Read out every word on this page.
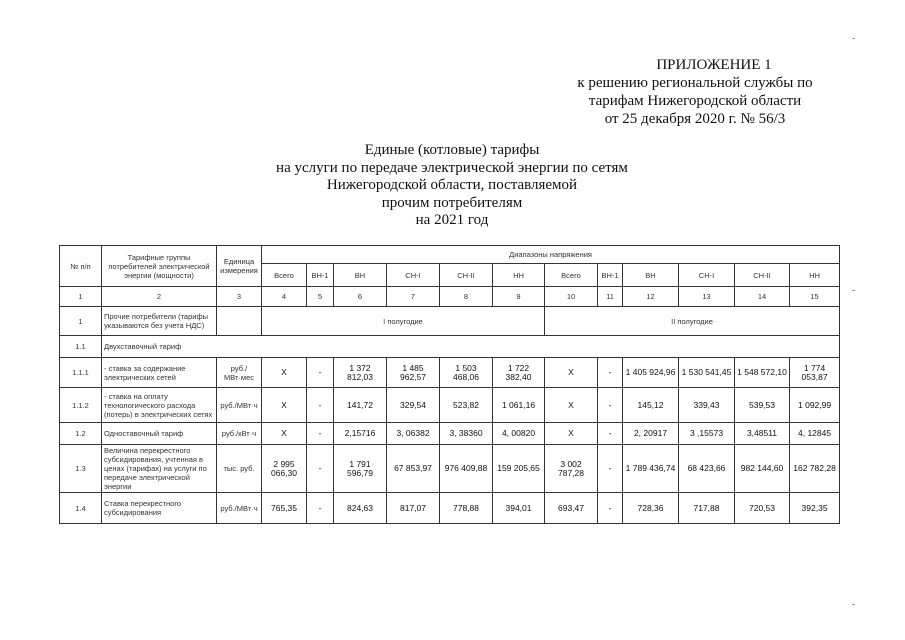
ПРИЛОЖЕНИЕ 1
к решению региональной службы по
тарифам Нижегородской области
от 25 декабря 2020 г. № 56/3
Единые (котловые) тарифы
на услуги по передаче электрической энергии по сетям
Нижегородской области, поставляемой
прочим потребителям
на 2021 год
№ п/п	Тарифные группы потребителей электрической энергии (мощности)	Единица измерения	Диапазоны напряжения											
			Всего	ВН-1	ВН	СН-I	СН-II	НН	Всего	ВН-1	ВН	СН-I	СН-II	НН
1	2	3	4	5	6	7	8	9	10	11	12	13	14	15
1	Прочие потребители (тарифы указываются без учета НДС)		I полугодие						II полугодие					
1.1	Двухставочный тариф													
1.1.1	- ставка за содержание электрических сетей	руб./МВт·мес	X	-	1 372 812,03	1 485 962,57	1 503 468,06	1 722 382,40	X	-	1 405 924,96	1 530 541,45	1 548 572,10	1 774 053,87
1.1.2	- ставка на оплату технологического расхода (потерь) в электрических сетях	руб./МВт·ч	X	-	141,72	329,54	523,82	1 061,16	X	-	145,12	339,43	539,53	1 092,99
1.2	Одноставочный тариф	руб./кВт·ч	X	-	2,15716	3, 06382	3, 38360	4, 00820	X	-	2, 20917	3 ,15573	3,48511	4, 12845
1.3	Величина перекрестного субсидирования, учтенная в ценах (тарифах) на услуги по передаче электрической энергии	тыс. руб.	2 995 066,30	-	1 791 596,79	67 853,97	976 409,88	159 205,65	3 002 787,28	-	1 789 436,74	68 423,66	982 144,60	162 782,28
1.4	Ставка перекрестного субсидирования	руб./МВт·ч	765,35	-	824,63	817,07	778,88	394,01	693,47	-	728,36	717,88	720,53	392,35
